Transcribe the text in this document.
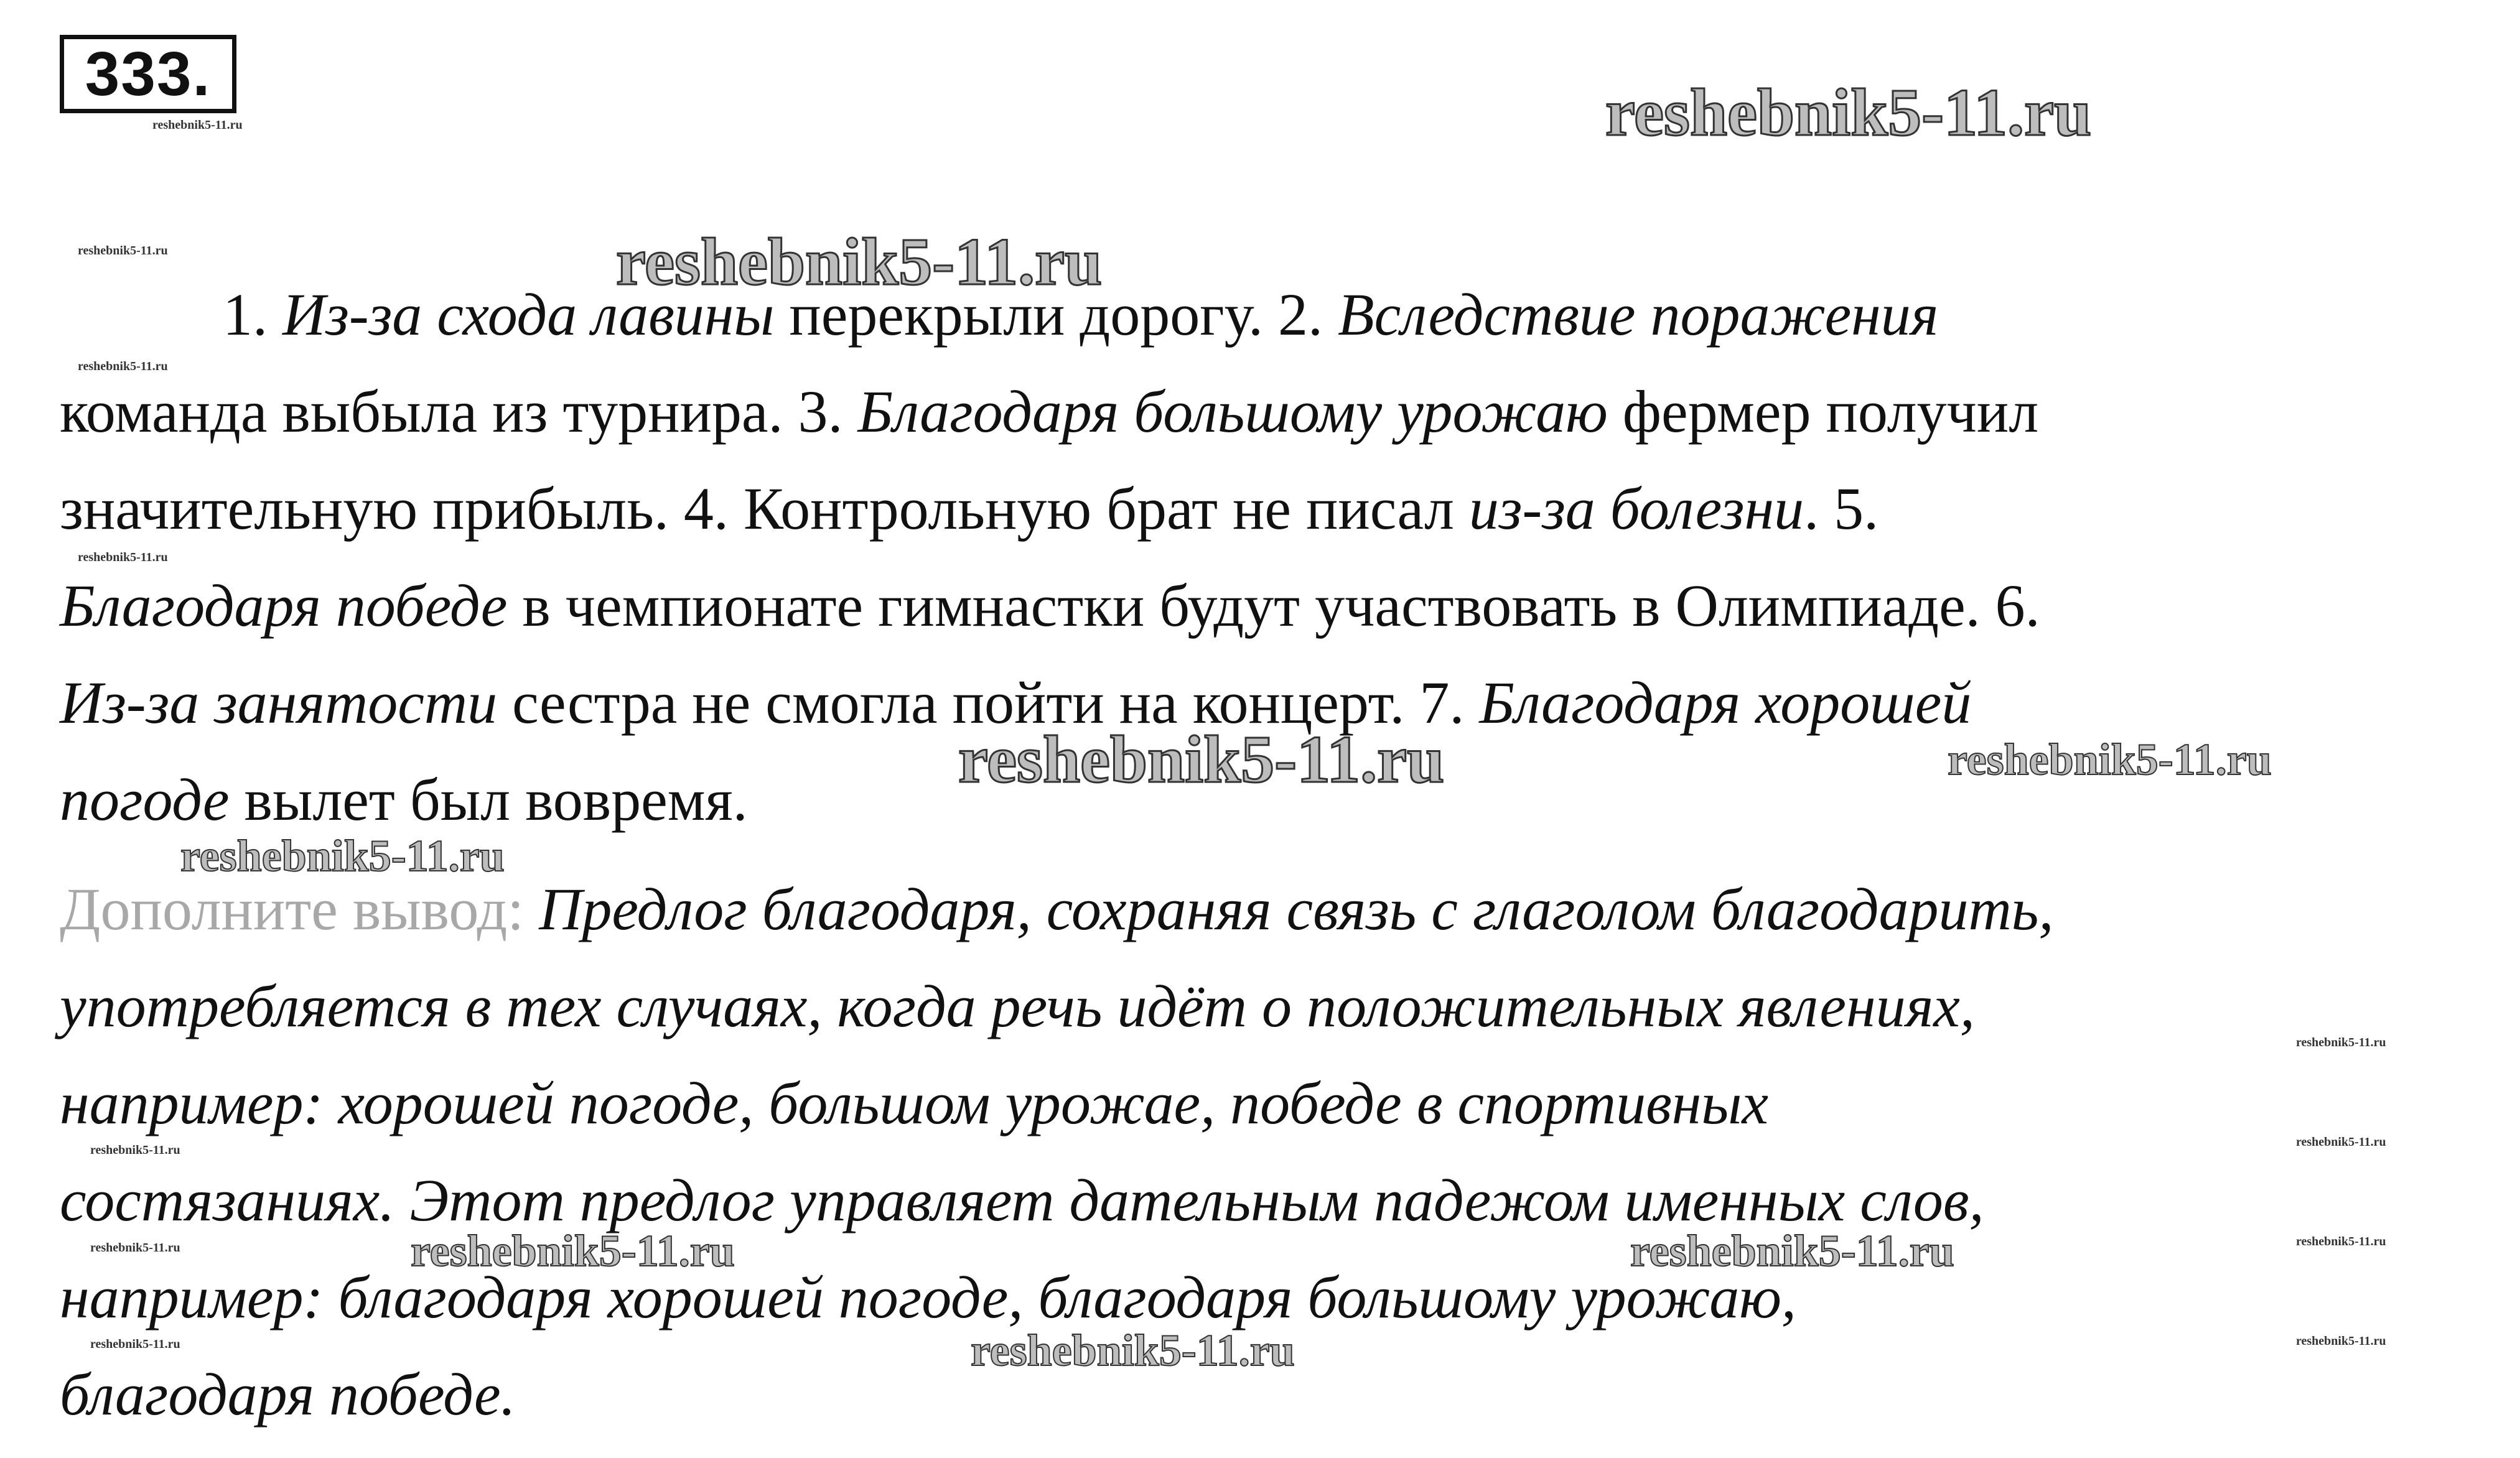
333.
reshebnik5-11.ru
reshebnik5-11.ru
reshebnik5-11.ru	reshebnik5-11.ru
reshebnik5-11.ru
reshebnik5-11.ru	reshebnik5-11.ru
reshebnik5-11.ru
reshebnik5-11.ru
reshebnik5-11.ru
reshebnik5-11.ru
reshebnik5-11.ru
reshebnik5-11.ru
reshebnik5-11.ru
reshebnik5-11.ru
reshebnik5-11.ru	reshebnik5-11.ru
reshebnik5-11.ru	reshebnik5-11.ru
1. Из-за схода лавины перекрыли дорогу. 2. Вследствие поражения
команда выбыла из турнира. 3. Благодаря большому урожаю фермер получил
значительную прибыль. 4. Контрольную брат не писал из-за болезни. 5.
Благодаря победе в чемпионате гимнастки будут участвовать в Олимпиаде. 6.
Из-за занятости сестра не смогла пойти на концерт. 7. Благодаря хорошей
погоде вылет был вовремя.
Дополните вывод: Предлог благодаря, сохраняя связь с глаголом благодарить,
употребляется в тех случаях, когда речь идёт о положительных явлениях,
например: хорошей погоде, большом урожае, победе в спортивных
состязаниях. Этот предлог управляет дательным падежом именных слов,
например: благодаря хорошей погоде, благодаря большому урожаю,
благодаря победе.
